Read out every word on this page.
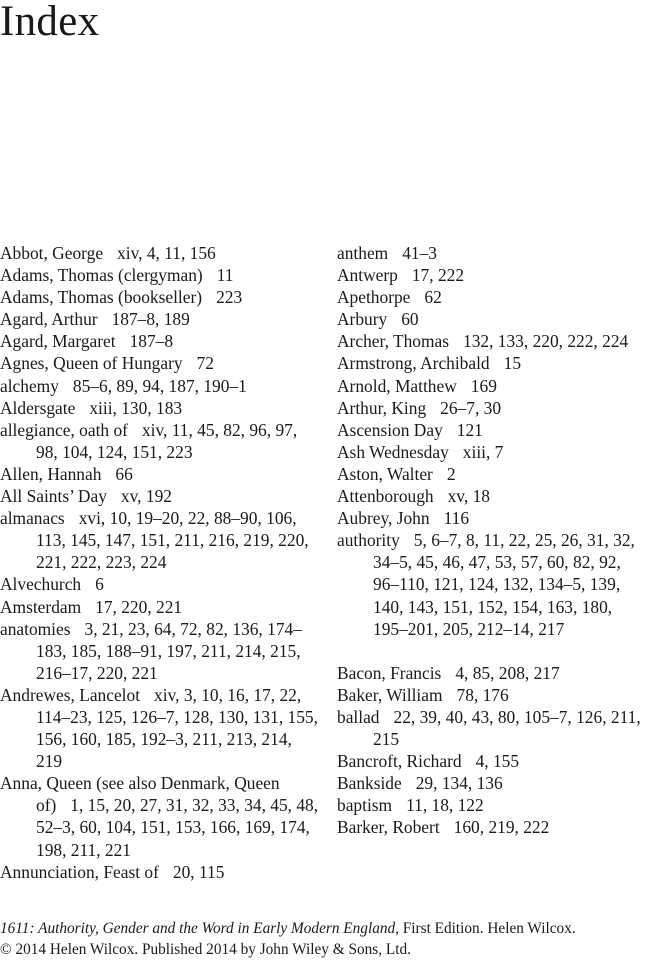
Index
Abbot, George xiv, 4, 11, 156
Adams, Thomas (clergyman) 11
Adams, Thomas (bookseller) 223
Agard, Arthur 187–8, 189
Agard, Margaret 187–8
Agnes, Queen of Hungary 72
alchemy 85–6, 89, 94, 187, 190–1
Aldersgate xiii, 130, 183
allegiance, oath of xiv, 11, 45, 82, 96, 97, 98, 104, 124, 151, 223
Allen, Hannah 66
All Saints’ Day xv, 192
almanacs xvi, 10, 19–20, 22, 88–90, 106, 113, 145, 147, 151, 211, 216, 219, 220, 221, 222, 223, 224
Alvechurch 6
Amsterdam 17, 220, 221
anatomies 3, 21, 23, 64, 72, 82, 136, 174–183, 185, 188–91, 197, 211, 214, 215, 216–17, 220, 221
Andrewes, Lancelot xiv, 3, 10, 16, 17, 22, 114–23, 125, 126–7, 128, 130, 131, 155, 156, 160, 185, 192–3, 211, 213, 214, 219
Anna, Queen (see also Denmark, Queen of) 1, 15, 20, 27, 31, 32, 33, 34, 45, 48, 52–3, 60, 104, 151, 153, 166, 169, 174, 198, 211, 221
Annunciation, Feast of 20, 115
anthem 41–3
Antwerp 17, 222
Apethorpe 62
Arbury 60
Archer, Thomas 132, 133, 220, 222, 224
Armstrong, Archibald 15
Arnold, Matthew 169
Arthur, King 26–7, 30
Ascension Day 121
Ash Wednesday xiii, 7
Aston, Walter 2
Attenborough xv, 18
Aubrey, John 116
authority 5, 6–7, 8, 11, 22, 25, 26, 31, 32, 34–5, 45, 46, 47, 53, 57, 60, 82, 92, 96–110, 121, 124, 132, 134–5, 139, 140, 143, 151, 152, 154, 163, 180, 195–201, 205, 212–14, 217
Bacon, Francis 4, 85, 208, 217
Baker, William 78, 176
ballad 22, 39, 40, 43, 80, 105–7, 126, 211, 215
Bancroft, Richard 4, 155
Bankside 29, 134, 136
baptism 11, 18, 122
Barker, Robert 160, 219, 222
1611: Authority, Gender and the Word in Early Modern England, First Edition. Helen Wilcox.
© 2014 Helen Wilcox. Published 2014 by John Wiley & Sons, Ltd.
